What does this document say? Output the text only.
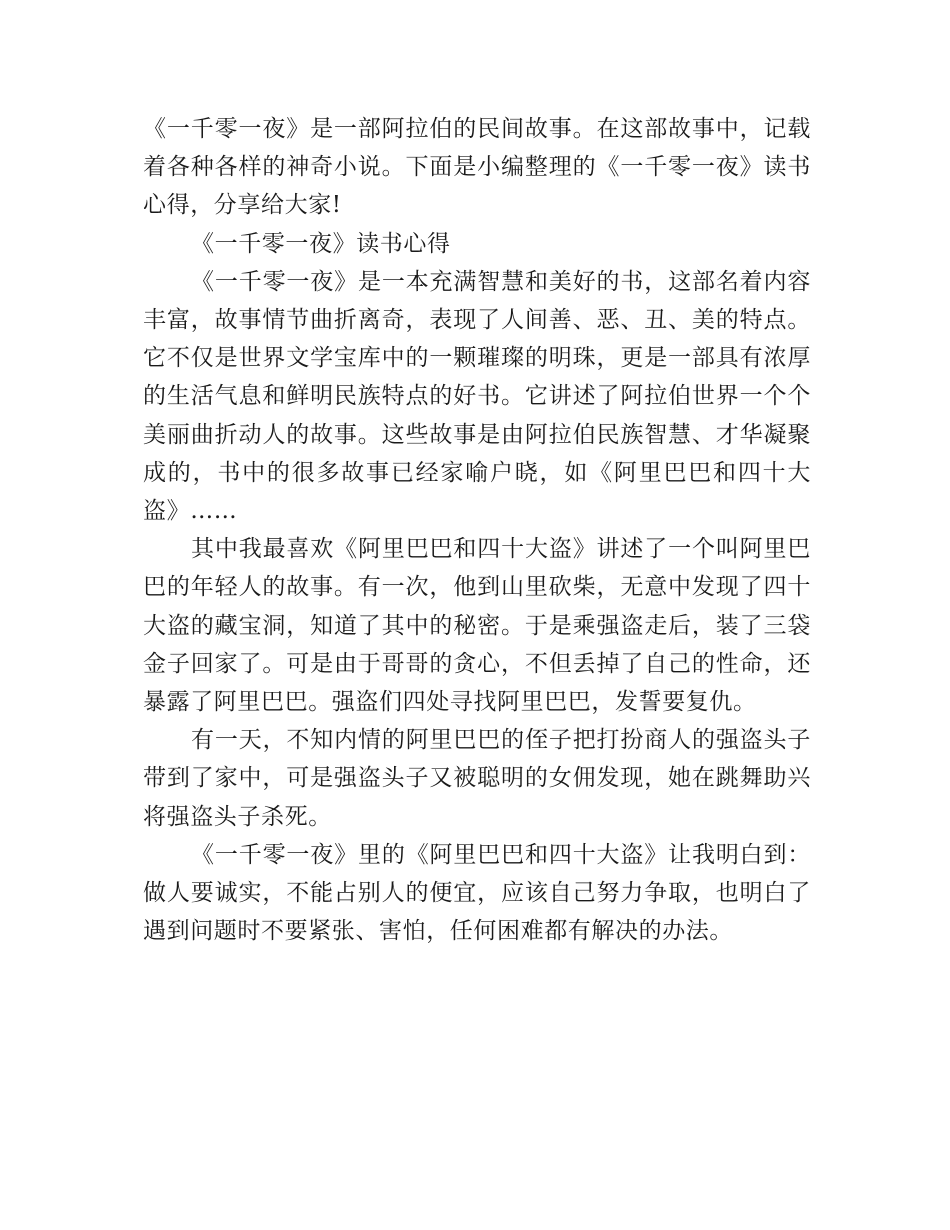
《一千零一夜》是一部阿拉伯的民间故事。在这部故事中，记载着各种各样的神奇小说。下面是小编整理的《一千零一夜》读书心得，分享给大家!

《一千零一夜》读书心得

《一千零一夜》是一本充满智慧和美好的书，这部名着内容丰富，故事情节曲折离奇，表现了人间善、恶、丑、美的特点。它不仅是世界文学宝库中的一颗璀璨的明珠，更是一部具有浓厚的生活气息和鲜明民族特点的好书。它讲述了阿拉伯世界一个个美丽曲折动人的故事。这些故事是由阿拉伯民族智慧、才华凝聚成的，书中的很多故事已经家喻户晓，如《阿里巴巴和四十大盗》……

其中我最喜欢《阿里巴巴和四十大盗》讲述了一个叫阿里巴巴的年轻人的故事。有一次，他到山里砍柴，无意中发现了四十大盗的藏宝洞，知道了其中的秘密。于是乘强盗走后，装了三袋金子回家了。可是由于哥哥的贪心，不但丢掉了自己的性命，还暴露了阿里巴巴。强盗们四处寻找阿里巴巴，发誓要复仇。

有一天，不知内情的阿里巴巴的侄子把打扮商人的强盗头子带到了家中，可是强盗头子又被聪明的女佣发现，她在跳舞助兴将强盗头子杀死。

《一千零一夜》里的《阿里巴巴和四十大盗》让我明白到：做人要诚实，不能占别人的便宜，应该自己努力争取，也明白了遇到问题时不要紧张、害怕，任何困难都有解决的办法。
